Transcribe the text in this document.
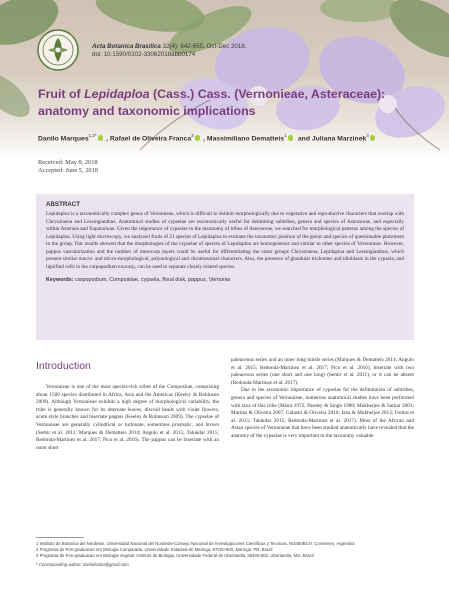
Acta Botanica Brasilica 32(4): 642-655. Oct-Dec 2018.
doi: 10.1590/0102-33062018abb0174
Fruit of Lepidaploa (Cass.) Cass. (Vernonieae, Asteraceae): anatomy and taxonomic implications
Danilo Marques$^{1,2*}$ , Rafael de Oliveira Franca$^3$ , Massimiliano Dematteis$^1$ and Juliana Marzinek$^3$
Received: May 8, 2018
Accepted: June 5, 2018
ABSTRACT
Lepidaploa is a taxonomically complex genus of Vernonieae, which is difficult to delimit morphologically due to vegetative and reproductive characters that overlap with Chrysolaena and Lessingianthus. Anatomical studies of cypselae are taxonomically useful for delimiting subtribes, genera and species of Asteraceae, and especially within Asteraea and Eupatorieae. Given the importance of cypselae to the taxonomy of tribes of Asteraceae, we searched for morphological patterns among the species of Lepidaploa. Using light microscopy, we analyzed fruits of 21 species of Lepidaploa to evaluate the taxonomic position of the genus and species of questionable placement in the group. Our results showed that the morphologies of the cypselae of species of Lepidaploa are homogeneous and similar to other species of Vernonieae. However, pappus vascularization and the number of mesocarp layers could be useful for differentiating the sister groups Chrysolaena, Lepidaploa and Lessingianthus, which present similar macro- and micro-morphological, palynological and chromosomal characters. Also, the presence of glandular trichomes and idioblasts in the cypsela, and lignified cells in the carpopodium exocarp, can be used to separate closely related species.
Keywords: carpopodium, Compositae, cypsela, floral disk, pappus, Vernonia
Introduction
Vernonieae is one of the most species-rich tribes of the Compositae, comprising about 1500 species distributed in Africa, Asia and the Americas (Keeley & Robinson 2009). Although Vernonieae exhibits a high degree of morphological variability, the tribe is generally known for its alternate leaves, discoid heads with violet flowers, acute style branches and biseriate pappus (Keeley & Robinson 2009). The cypselae of Vernonieae are generally cylindrical or turbinate, sometimes prismatic, and brown (Semir et al. 2011; Marques & Dematteis 2014; Angulo et al. 2015; Talukdar 2015; Redonda-Martinez et al. 2017; Pico et al. 2016). The pappus can be biseriate with an outer short

paleaceous series and an inner long bristle series (Marques & Dematteis 2014; Angulo et al. 2015; Redonda-Martinez et al. 2017; Pico et al. 2016), biseriate with two paleaceous series (one short and one long) (Semir et al. 2011), or it can be absent (Redonda-Martinez et al. 2017).

Due to the taxonomic importance of cypselae for the delimitation of subtribes, genera and species of Vernonieae, numerous anatomical studies have been performed with taxa of this tribe (Misra 1972; Pandey & Singh 1980; Mukherjee & Sarkar 2001; Martins & Oliveira 2007; Galastri & Oliveira 2010; Jana & Mukherjee 2013; Freitas et al. 2015; Talukdar 2015; Redonda-Martinez et al. 2017). Most of the African and Asian species of Vernonieae that have been studied anatomically have revealed that the anatomy of the cypselae is very important to the taxonomy valuable

1 Instituto de Botanica del Nordeste, Universidad Nacional del Nordeste-Consejo Nacional de Investigaciones Cientificas y Tecnicas, W3400BCH, Corrientes, Argentina
2 Programa de Pos-graduacao em Biologia Comparada, Universidade Estadual de Maringa, 87020-900, Maringa, PR, Brazil
3 Programa de Pos-graduacao em Biologia Vegetal, Instituto de Biologia, Universidade Federal de Uberlandia, 38400-902, Uberlandia, MG, Brazil
* Corresponding author: danilofosbo@gmail.com
